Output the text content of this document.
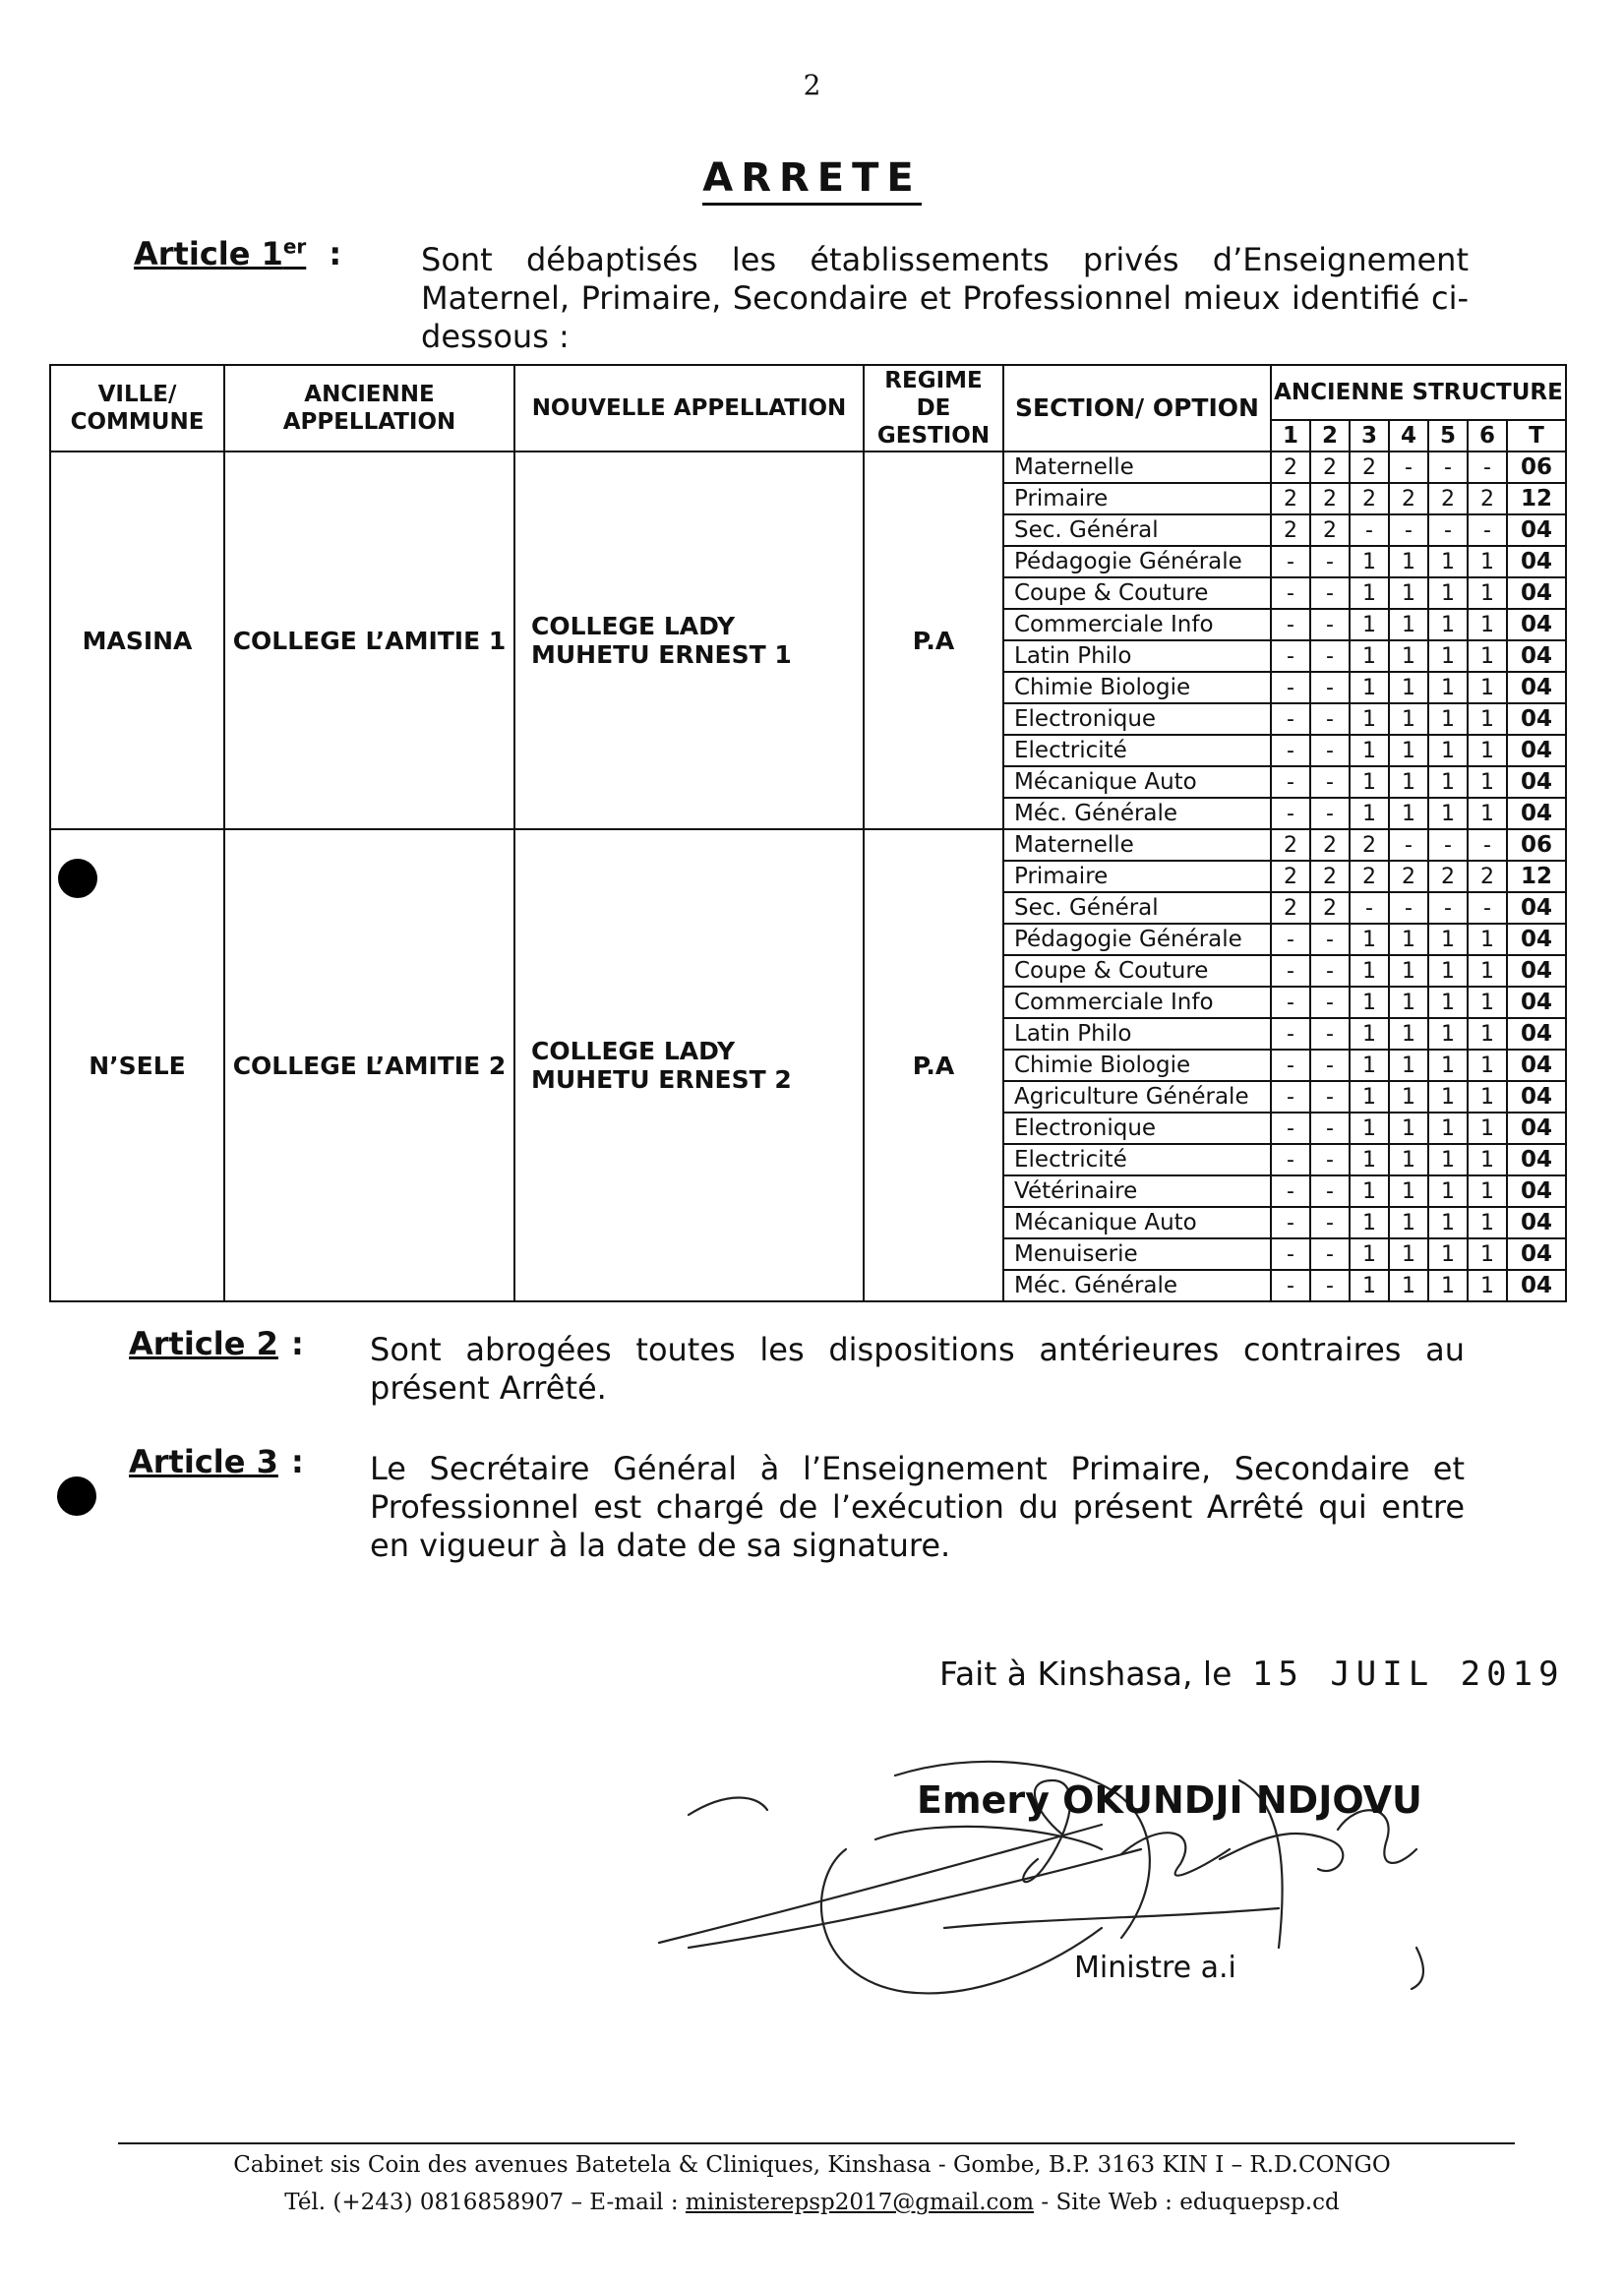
2
ARRETE
Article 1er :	Sont débaptisés les établissements privés d’Enseignement Maternel, Primaire, Secondaire et Professionnel mieux identifié ci-dessous :
VILLE/ COMMUNE	ANCIENNE APPELLATION	NOUVELLE APPELLATION	REGIME DE GESTION	SECTION/ OPTION	ANCIENNE STRUCTURE						
					1	2	3	4	5	6	T
MASINA	COLLEGE L’AMITIE 1	COLLEGE LADY MUHETU ERNEST 1	P.A	Maternelle	2	2	2	-	-	-	06
				Primaire	2	2	2	2	2	2	12
				Sec. Général	2	2	-	-	-	-	04
				Pédagogie Générale	-	-	1	1	1	1	04
				Coupe & Couture	-	-	1	1	1	1	04
				Commerciale Info	-	-	1	1	1	1	04
				Latin Philo	-	-	1	1	1	1	04
				Chimie Biologie	-	-	1	1	1	1	04
				Electronique	-	-	1	1	1	1	04
				Electricité	-	-	1	1	1	1	04
				Mécanique Auto	-	-	1	1	1	1	04
				Méc. Générale	-	-	1	1	1	1	04
N’SELE	COLLEGE L’AMITIE 2	COLLEGE LADY MUHETU ERNEST 2	P.A	Maternelle	2	2	2	-	-	-	06
				Primaire	2	2	2	2	2	2	12
				Sec. Général	2	2	-	-	-	-	04
				Pédagogie Générale	-	-	1	1	1	1	04
				Coupe & Couture	-	-	1	1	1	1	04
				Commerciale Info	-	-	1	1	1	1	04
				Latin Philo	-	-	1	1	1	1	04
				Chimie Biologie	-	-	1	1	1	1	04
				Agriculture Générale	-	-	1	1	1	1	04
				Electronique	-	-	1	1	1	1	04
				Electricité	-	-	1	1	1	1	04
				Vétérinaire	-	-	1	1	1	1	04
				Mécanique Auto	-	-	1	1	1	1	04
				Menuiserie	-	-	1	1	1	1	04
				Méc. Générale	-	-	1	1	1	1	04
Article 2 : Sont abrogées toutes les dispositions antérieures contraires au présent Arrêté.
Article 3 : Le Secrétaire Général à l’Enseignement Primaire, Secondaire et Professionnel est chargé de l’exécution du présent Arrêté qui entre en vigueur à la date de sa signature.
Fait à Kinshasa, le 15 JUIL 2019
Emery OKUNDJI NDJOVU
Ministre a.i
Cabinet sis Coin des avenues Batetela & Cliniques, Kinshasa - Gombe, B.P. 3163 KIN I – R.D.CONGO
Tél. (+243) 0816858907 – E-mail : ministerepsp2017@gmail.com - Site Web : eduquepsp.cd
